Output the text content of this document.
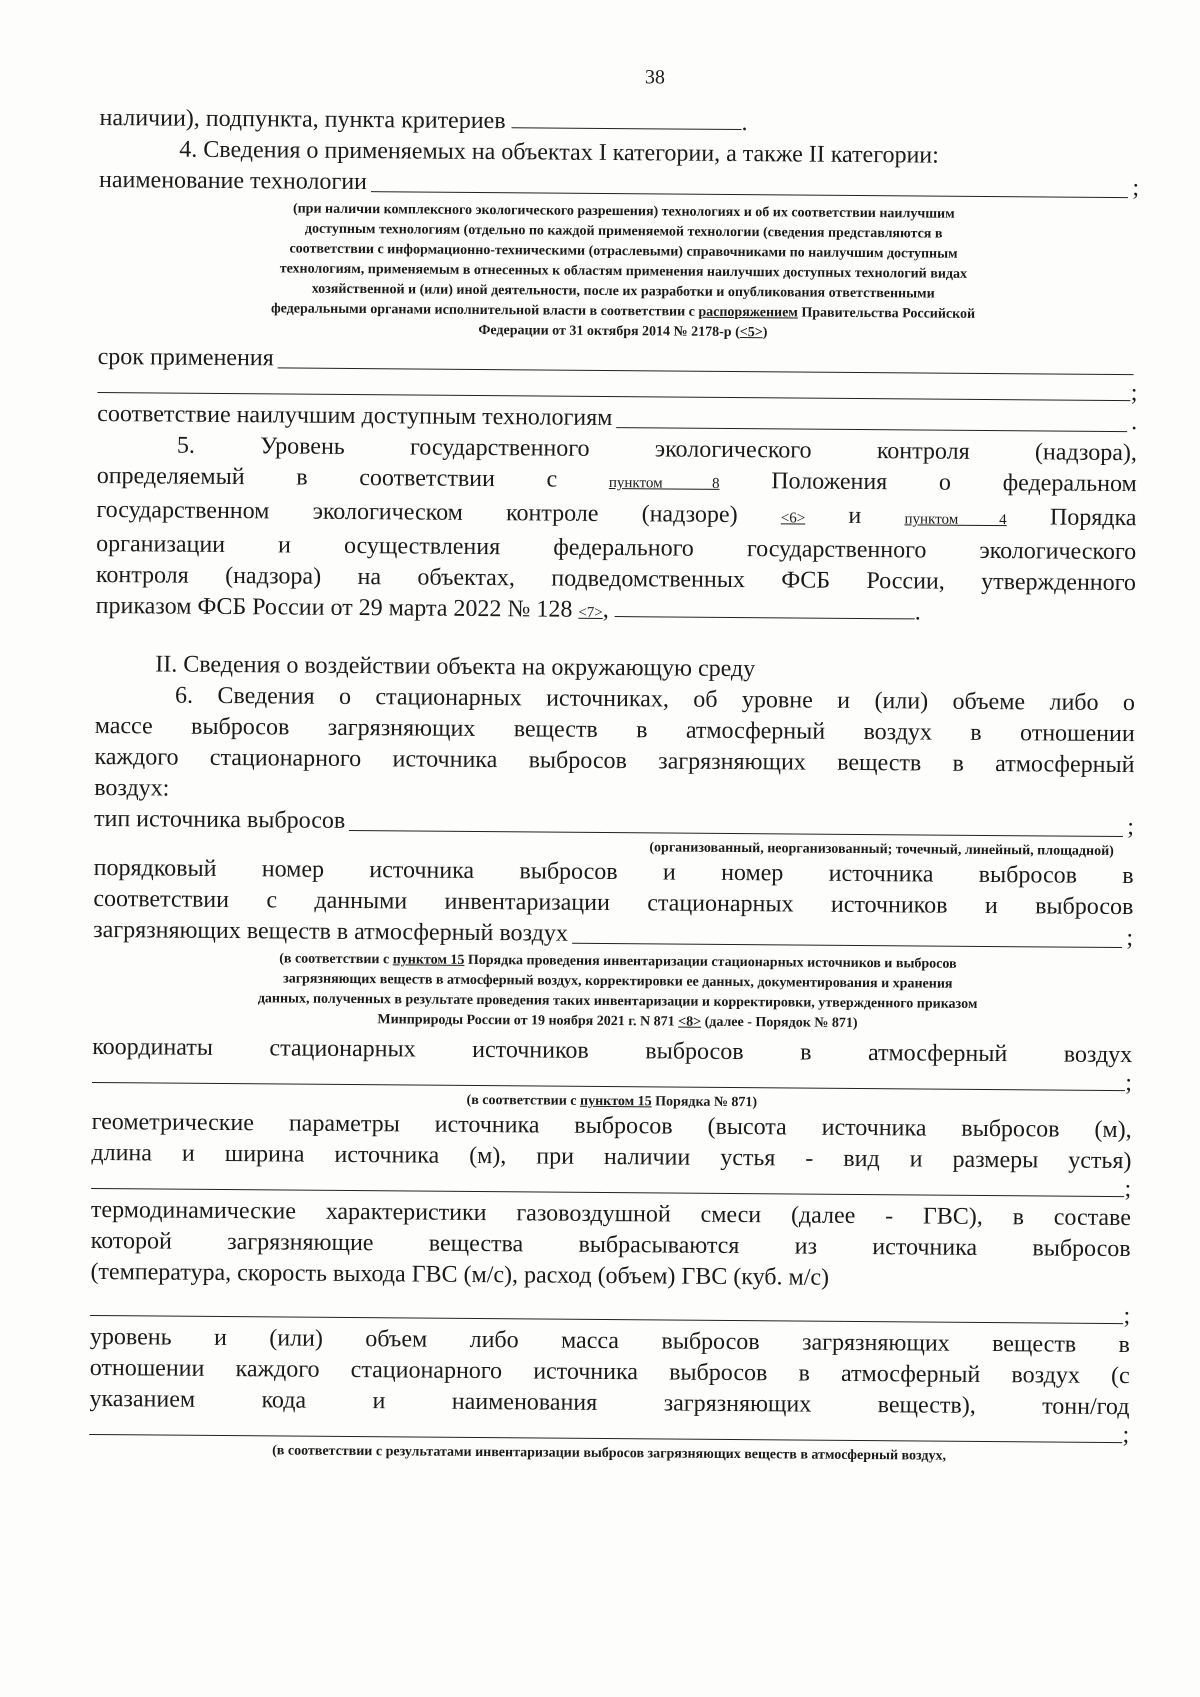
38
наличии), подпункта, пункта критериев	.
4. Сведения о применяемых на объектах I категории, а также II категории:
наименование технологии	;
(при наличии комплексного экологического разрешения) технологиях и об их соответствии наилучшим
доступным технологиям (отдельно по каждой применяемой технологии (сведения представляются в
соответствии с информационно-техническими (отраслевыми) справочниками по наилучшим доступным
технологиям, применяемым в отнесенных к областям применения наилучших доступных технологий видах
хозяйственной и (или) иной деятельности, после их разработки и опубликования ответственными
федеральными органами исполнительной власти в соответствии с распоряжением Правительства Российской
Федерации от 31 октября 2014 № 2178-р (<5>)
срок применения
;
соответствие наилучшим доступным технологиям	.
5. Уровень государственного экологического контроля (надзора),
определяемый в соответствии с	пунктом 8 Положения о федеральном
государственном экологическом контроле (надзоре)	<6> и	пунктом 4 Порядка
организации и осуществления федерального государственного экологического
контроля (надзора) на объектах, подведомственных ФСБ России, утвержденного
приказом ФСБ России от 29 марта 2022 № 128 <7>,	.
II. Сведения о воздействии объекта на окружающую среду
6. Сведения о стационарных источниках, об уровне и (или) объеме либо о
массе выбросов загрязняющих веществ в атмосферный воздух в отношении
каждого стационарного источника выбросов загрязняющих веществ в атмосферный
воздух:
тип источника выбросов	;
(организованный, неорганизованный; точечный, линейный, площадной)
порядковый номер источника выбросов и номер источника выбросов в
соответствии с данными инвентаризации стационарных источников и выбросов
загрязняющих веществ в атмосферный воздух	;
(в соответствии с пунктом 15 Порядка проведения инвентаризации стационарных источников и выбросов
загрязняющих веществ в атмосферный воздух, корректировки ее данных, документирования и хранения
данных, полученных в результате проведения таких инвентаризации и корректировки, утвержденного приказом
Минприроды России от 19 ноября 2021 г. N 871 <8> (далее - Порядок № 871)
координаты стационарных источников выбросов в атмосферный воздух
;
(в соответствии с пунктом 15 Порядка № 871)
геометрические параметры источника выбросов (высота источника выбросов (м),
длина и ширина источника (м), при наличии устья - вид и размеры устья)
;
термодинамические характеристики газовоздушной смеси (далее - ГВС), в составе
которой загрязняющие вещества выбрасываются из источника выбросов
(температура, скорость выхода ГВС (м/с), расход (объем) ГВС (куб. м/с)
;
уровень и (или) объем либо масса выбросов загрязняющих веществ в
отношении каждого стационарного источника выбросов в атмосферный воздух (с
указанием кода и наименования загрязняющих веществ), тонн/год
;
(в соответствии с результатами инвентаризации выбросов загрязняющих веществ в атмосферный воздух,
